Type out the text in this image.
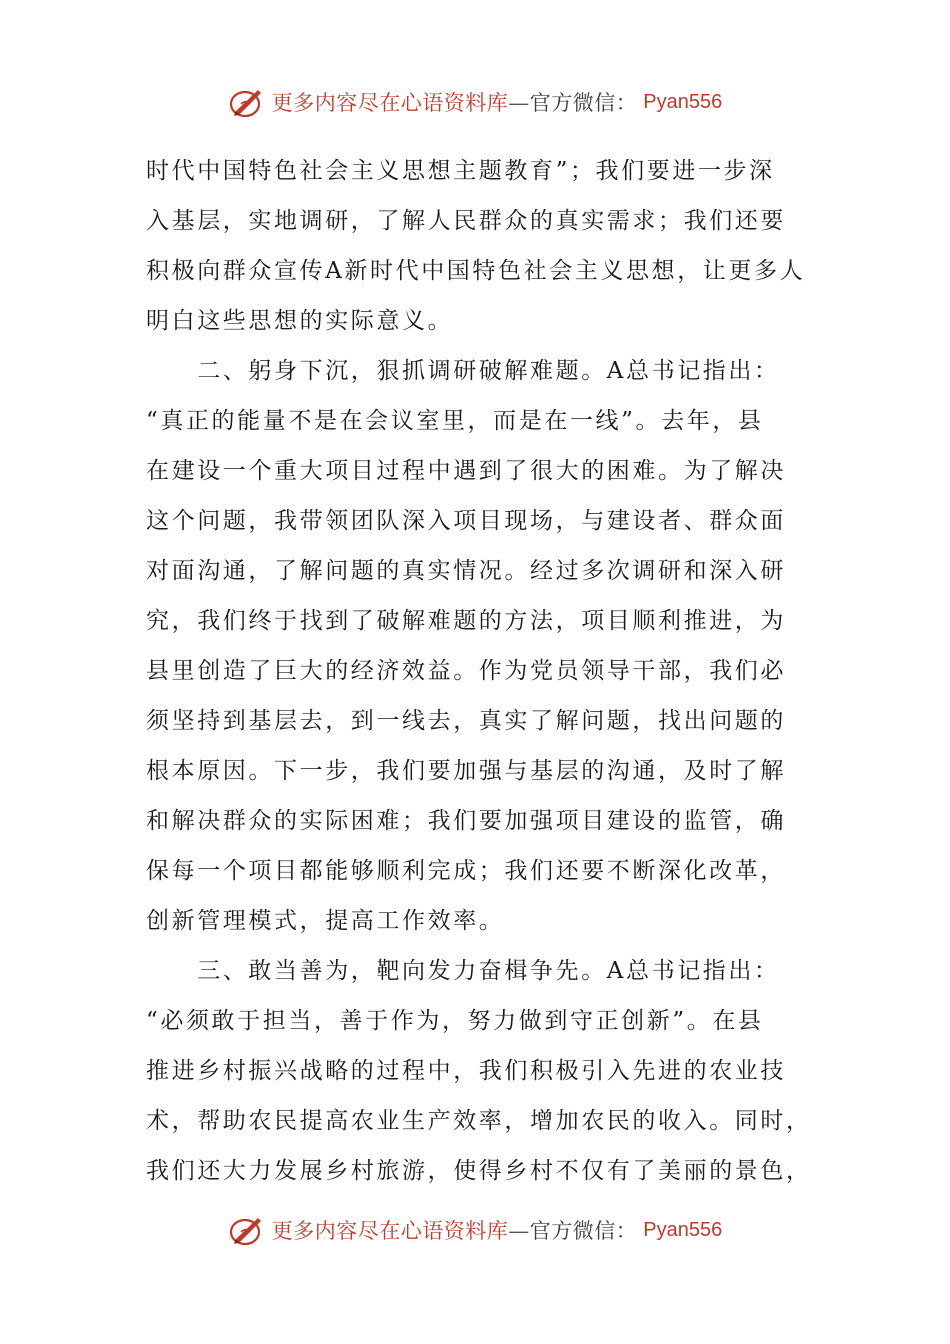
更多内容尽在心语资料库—官方微信： Pyan556
时代中国特色社会主义思想主题教育”；我们要进一步深
入基层，实地调研，了解人民群众的真实需求；我们还要
积极向群众宣传A新时代中国特色社会主义思想，让更多人
明白这些思想的实际意义。
　　二、躬身下沉，狠抓调研破解难题。A总书记指出：
“真正的能量不是在会议室里，而是在一线”。去年，县
在建设一个重大项目过程中遇到了很大的困难。为了解决
这个问题，我带领团队深入项目现场，与建设者、群众面
对面沟通，了解问题的真实情况。经过多次调研和深入研
究，我们终于找到了破解难题的方法，项目顺利推进，为
县里创造了巨大的经济效益。作为党员领导干部，我们必
须坚持到基层去，到一线去，真实了解问题，找出问题的
根本原因。下一步，我们要加强与基层的沟通，及时了解
和解决群众的实际困难；我们要加强项目建设的监管，确
保每一个项目都能够顺利完成；我们还要不断深化改革，
创新管理模式，提高工作效率。
　　三、敢当善为，靶向发力奋楫争先。A总书记指出：
“必须敢于担当，善于作为，努力做到守正创新”。在县
推进乡村振兴战略的过程中，我们积极引入先进的农业技
术，帮助农民提高农业生产效率，增加农民的收入。同时，
我们还大力发展乡村旅游，使得乡村不仅有了美丽的景色，
更多内容尽在心语资料库—官方微信： Pyan556
